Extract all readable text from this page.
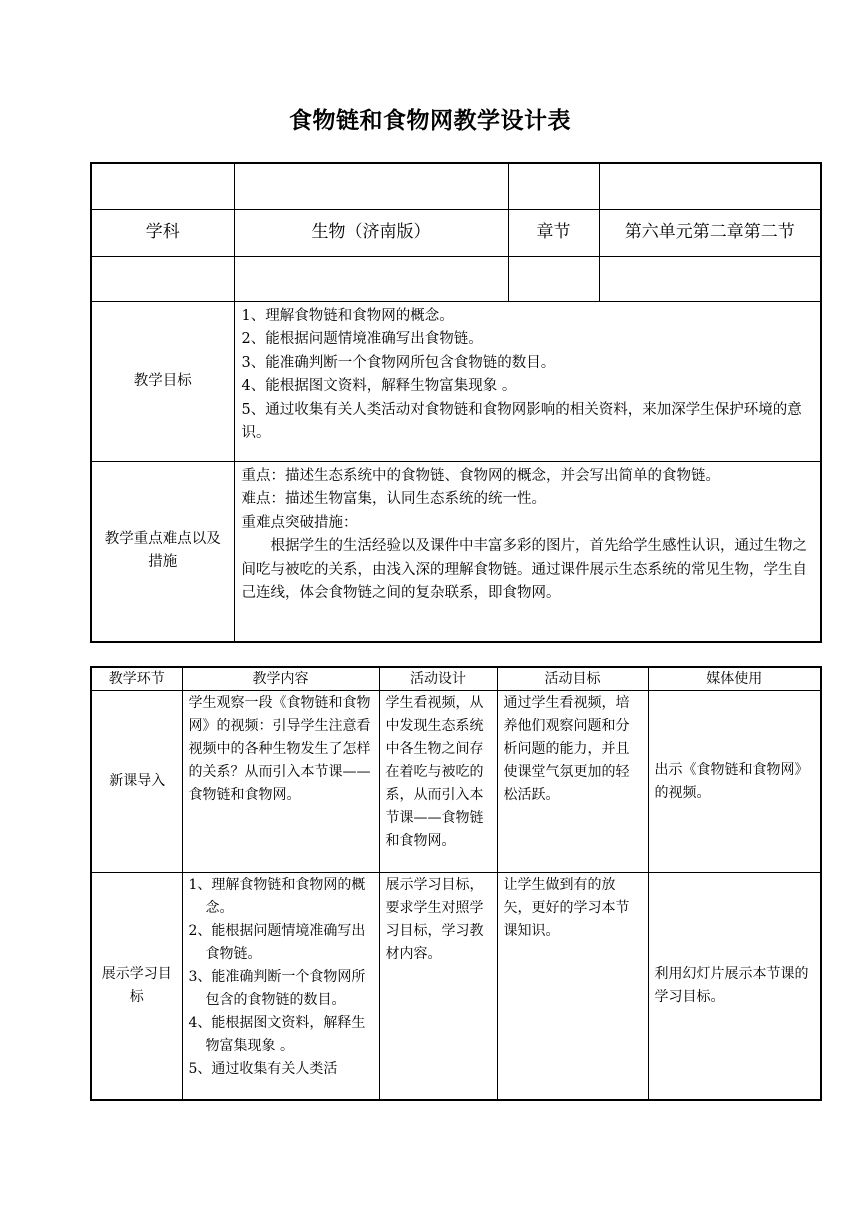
食物链和食物网教学设计表

学科	生物（济南版）	章节	第六单元第二章第二节

教学目标	1、理解食物链和食物网的概念。
2、能根据问题情境准确写出食物链。
3、能准确判断一个食物网所包含食物链的数目。
4、能根据图文资料，解释生物富集现象 。
5、通过收集有关人类活动对食物链和食物网影响的相关资料，来加深学生保护环境的意识。		

教学重点难点以及措施	重点：描述生态系统中的食物链、食物网的概念，并会写出简单的食物链。
难点：描述生物富集，认同生态系统的统一性。
重难点突破措施：
根据学生的生活经验以及课件中丰富多彩的图片，首先给学生感性认识，通过生物之间吃与被吃的关系，由浅入深的理解食物链。通过课件展示生态系统的常见生物，学生自己连线，体会食物链之间的复杂联系，即食物网。		
教学环节	教学内容	活动设计	活动目标	媒体使用
新课导入	学生观察一段《食物链和食物网》的视频：引导学生注意看视频中的各种生物发生了怎样的关系？从而引入本节课——食物链和食物网。	学生看视频，从中发现生态系统中各生物之间存在着吃与被吃的系，从而引入本节课——食物链和食物网。	通过学生看视频，培养他们观察问题和分析问题的能力，并且使课堂气氛更加的轻松活跃。	出示《食物链和食物网》的视频。
展示学习目标	1、理解食物链和食物网的概念。
2、能根据问题情境准确写出食物链。
3、能准确判断一个食物网所包含的食物链的数目。
4、能根据图文资料，解释生物富集现象 。
5、通过收集有关人类活	展示学习目标，要求学生对照学习目标，学习教材内容。	让学生做到有的放矢，更好的学习本节课知识。	利用幻灯片展示本节课的学习目标。
